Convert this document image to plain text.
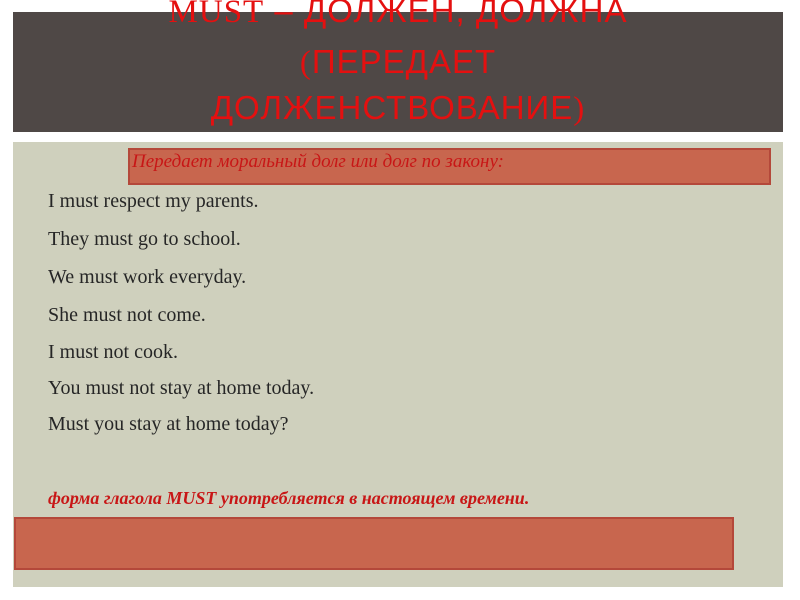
MUST – ДОЛЖЕН, ДОЛЖНА
(ПЕРЕДАЕТ
ДОЛЖЕНСТВОВАНИЕ)
Передает моральный долг или долг по закону:
I must respect my parents.
They must go to school.
We must work everyday.
She must not come.
I must not cook.
You must not stay at home today.
Must you stay at home today?
форма глагола MUST употребляется в настоящем времени.
